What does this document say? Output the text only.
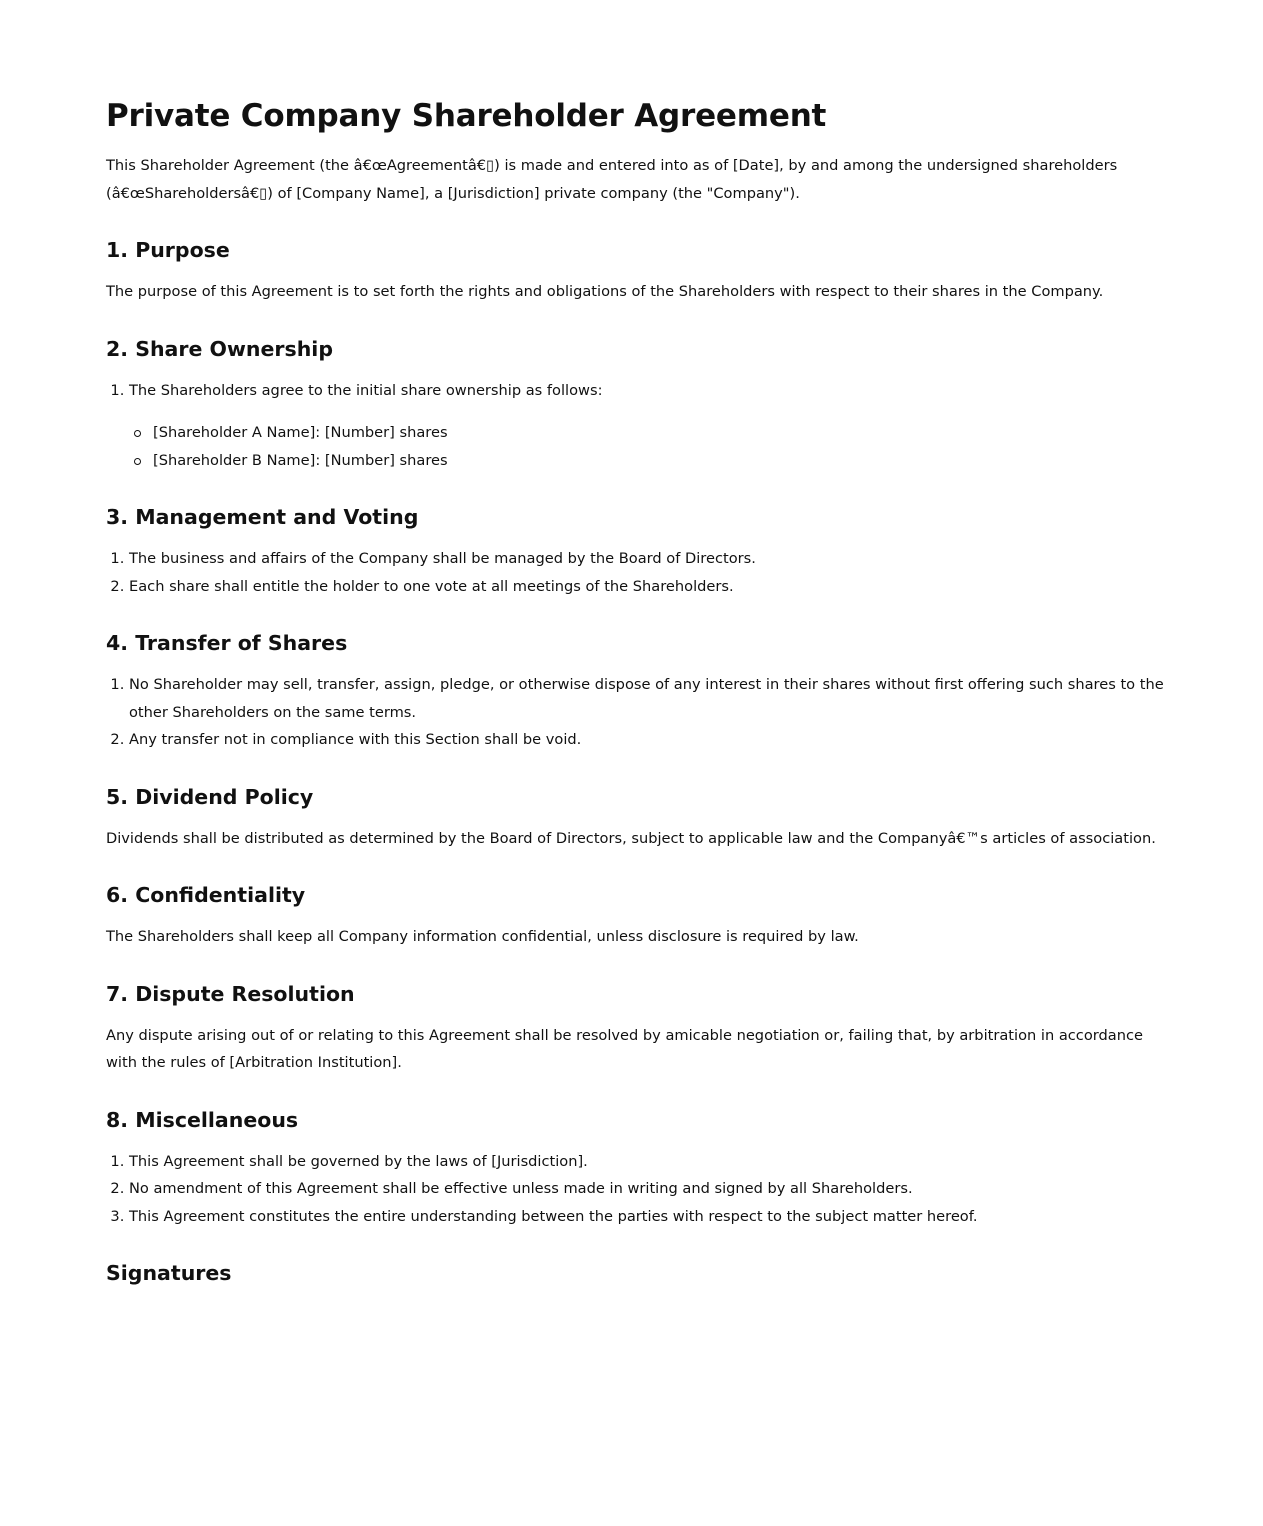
Private Company Shareholder Agreement

This Shareholder Agreement (the â€œAgreementâ€▯) is made and entered into as of [Date], by and among the undersigned shareholders (â€œShareholdersâ€▯) of [Company Name], a [Jurisdiction] private company (the "Company").

1. Purpose

The purpose of this Agreement is to set forth the rights and obligations of the Shareholders with respect to their shares in the Company.

2. Share Ownership
1. The Shareholders agree to the initial share ownership as follows:
[Shareholder A Name]: [Number] shares
[Shareholder B Name]: [Number] shares
3. Management and Voting
1. The business and affairs of the Company shall be managed by the Board of Directors.
2. Each share shall entitle the holder to one vote at all meetings of the Shareholders.
4. Transfer of Shares
1. No Shareholder may sell, transfer, assign, pledge, or otherwise dispose of any interest in their shares without first offering such shares to the other Shareholders on the same terms.
2. Any transfer not in compliance with this Section shall be void.
5. Dividend Policy

Dividends shall be distributed as determined by the Board of Directors, subject to applicable law and the Companyâ€™s articles of association.

6. Confidentiality

The Shareholders shall keep all Company information confidential, unless disclosure is required by law.

7. Dispute Resolution

Any dispute arising out of or relating to this Agreement shall be resolved by amicable negotiation or, failing that, by arbitration in accordance with the rules of [Arbitration Institution].

8. Miscellaneous
1. This Agreement shall be governed by the laws of [Jurisdiction].
2. No amendment of this Agreement shall be effective unless made in writing and signed by all Shareholders.
3. This Agreement constitutes the entire understanding between the parties with respect to the subject matter hereof.
Signatures
